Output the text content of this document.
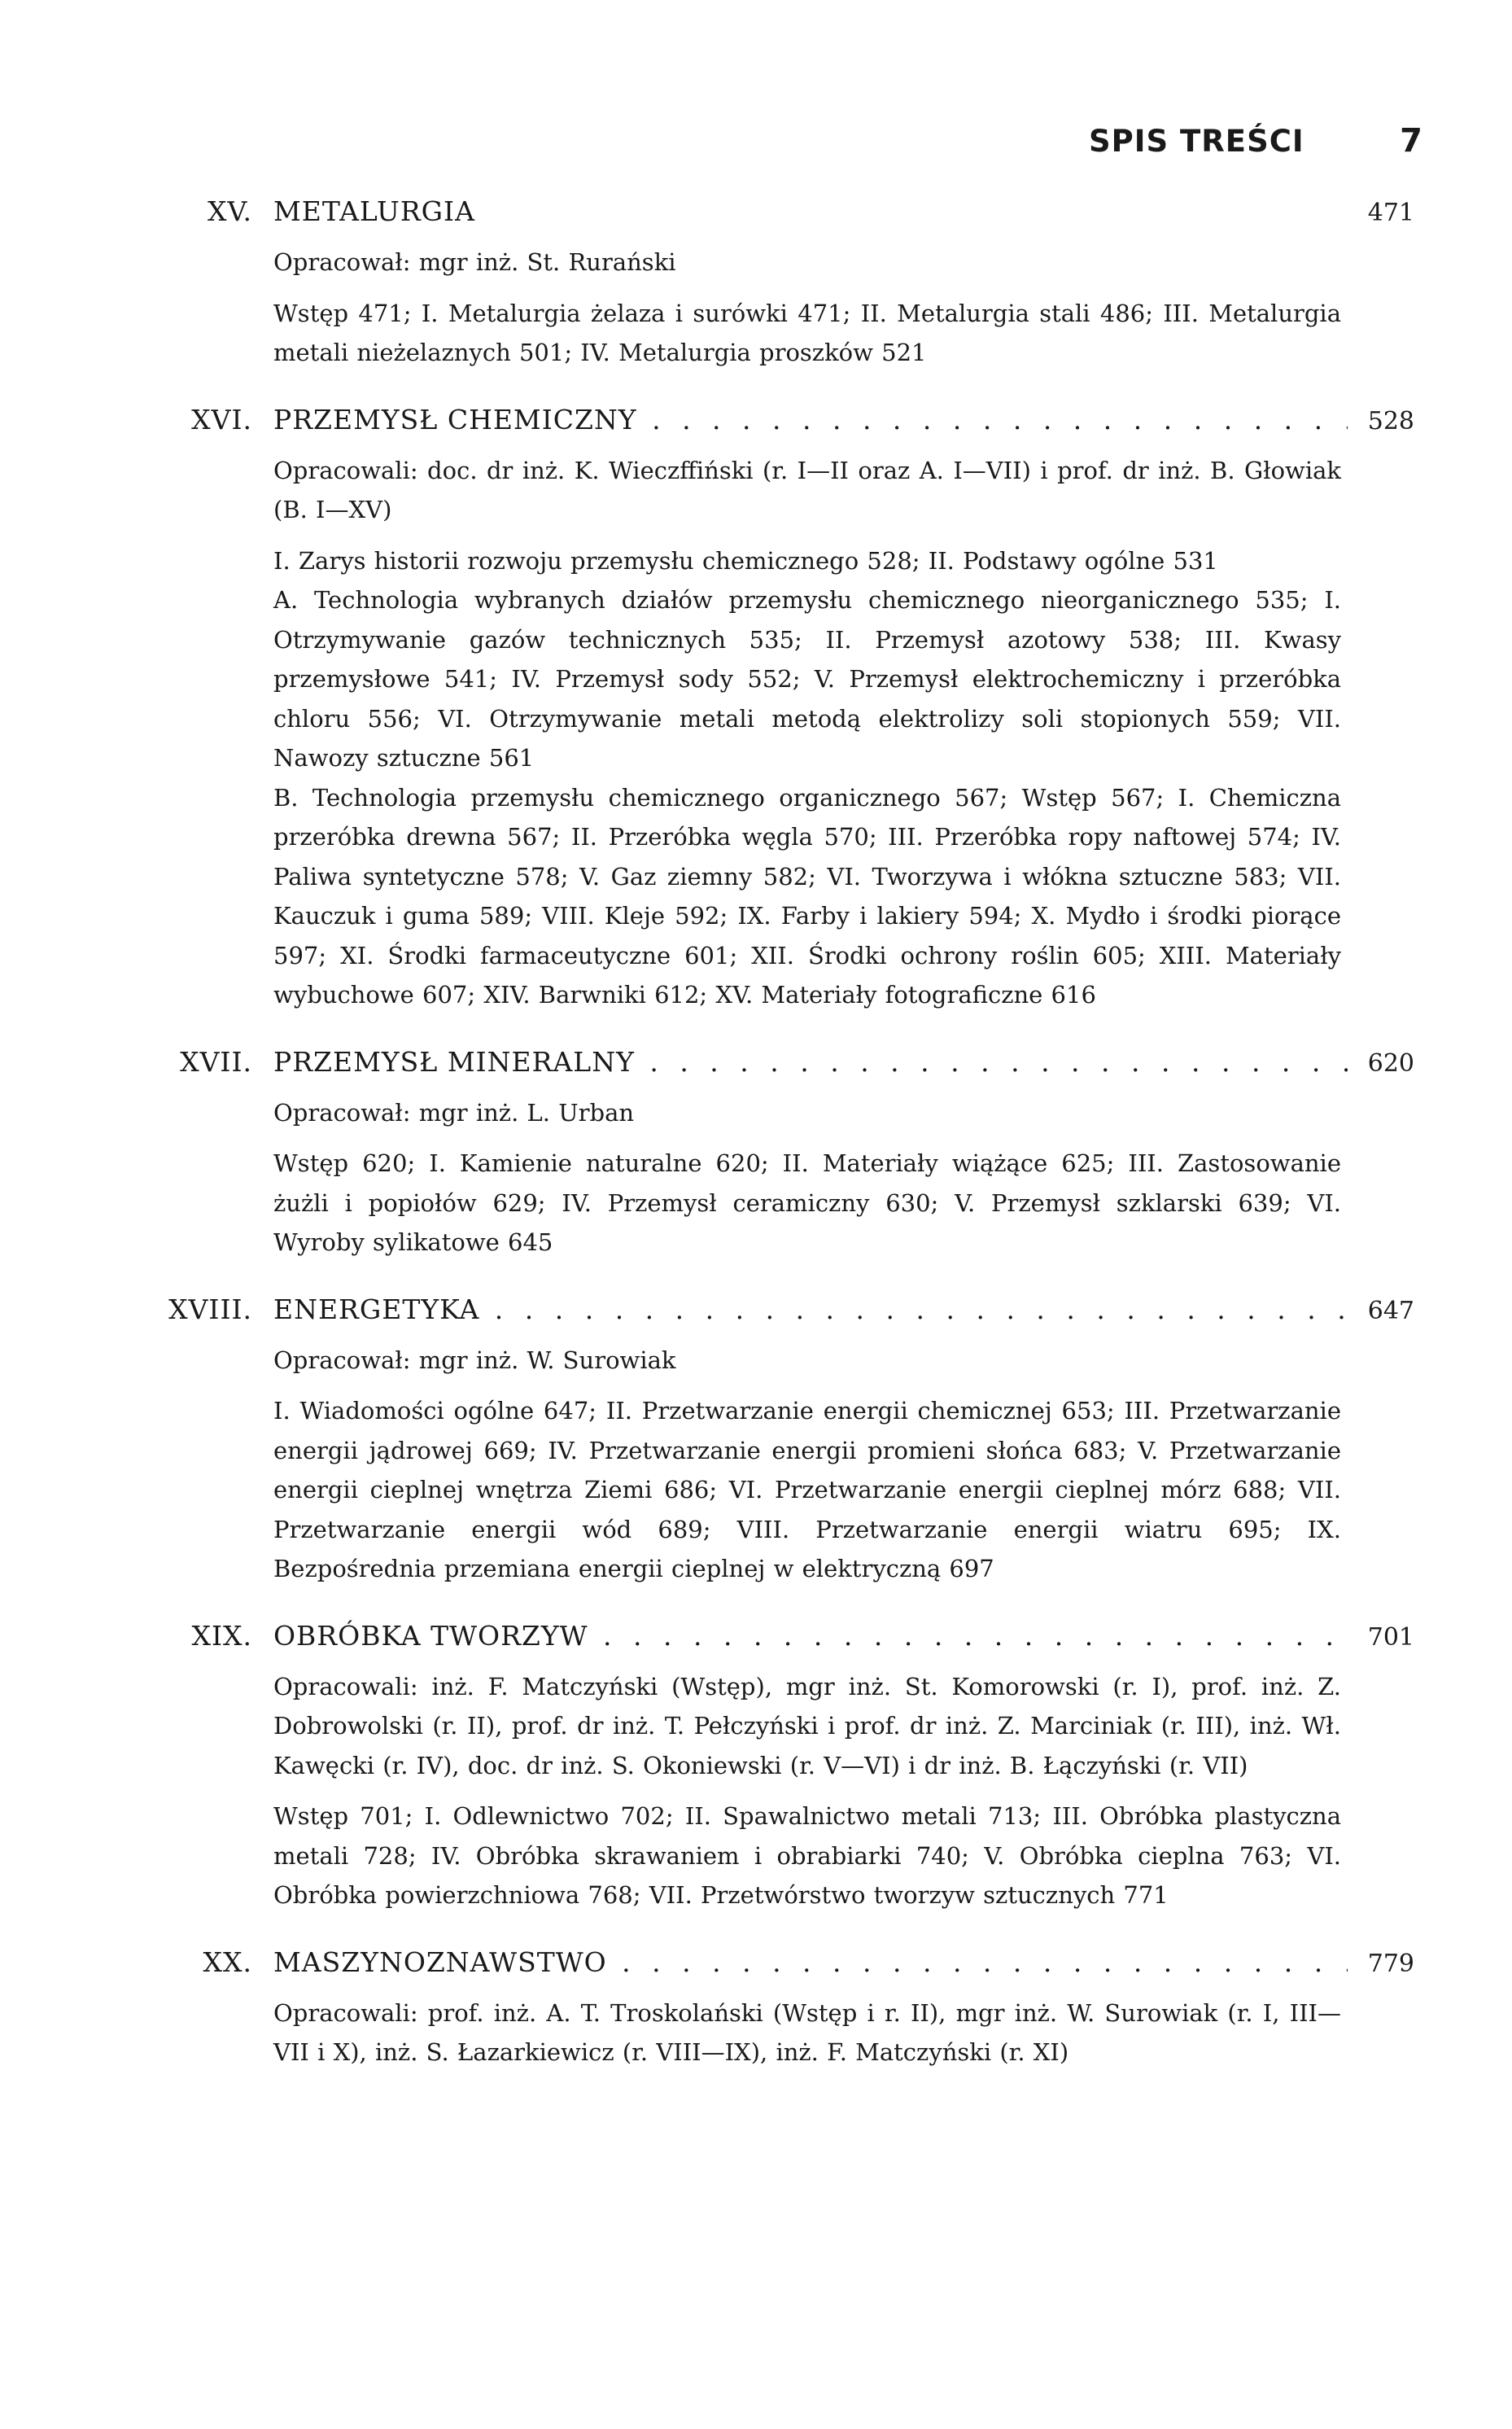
SPIS TREŚCI	7
XV. METALURGIA	471
Opracował: mgr inż. St. Rurański
Wstęp 471; I. Metalurgia żelaza i surówki 471; II. Metalurgia stali 486; III. Metalurgia metali nieżelaznych 501; IV. Metalurgia proszków 521
XVI. PRZEMYSŁ CHEMICZNY . . .	528
Opracowali: doc. dr inż. K. Wieczffiński (r. I—II oraz A. I—VII) i prof. dr inż. B. Głowiak (B. I—XV)
I. Zarys historii rozwoju przemysłu chemicznego 528; II. Podstawy ogólne 531
A. Technologia wybranych działów przemysłu chemicznego nieorganicznego 535; I. Otrzymywanie gazów technicznych 535; II. Przemysł azotowy 538; III. Kwasy przemysłowe 541; IV. Przemysł sody 552; V. Przemysł elektrochemiczny i przeróbka chloru 556; VI. Otrzymywanie metali metodą elektrolizy soli stopionych 559; VII. Nawozy sztuczne 561
B. Technologia przemysłu chemicznego organicznego 567; Wstęp 567; I. Chemiczna przeróbka drewna 567; II. Przeróbka węgla 570; III. Przeróbka ropy naftowej 574; IV. Paliwa syntetyczne 578; V. Gaz ziemny 582; VI. Tworzywa i włókna sztuczne 583; VII. Kauczuk i guma 589; VIII. Kleje 592; IX. Farby i lakiery 594; X. Mydło i środki piorące 597; XI. Środki farmaceutyczne 601; XII. Środki ochrony roślin 605; XIII. Materiały wybuchowe 607; XIV. Barwniki 612; XV. Materiały fotograficzne 616
XVII. PRZEMYSŁ MINERALNY . . .	620
Opracował: mgr inż. L. Urban
Wstęp 620; I. Kamienie naturalne 620; II. Materiały wiążące 625; III. Zastosowanie żużli i popiołów 629; IV. Przemysł ceramiczny 630; V. Przemysł szklarski 639; VI. Wyroby sylikatowe 645
XVIII. ENERGETYKA . . .	647
Opracował: mgr inż. W. Surowiak
I. Wiadomości ogólne 647; II. Przetwarzanie energii chemicznej 653; III. Przetwarzanie energii jądrowej 669; IV. Przetwarzanie energii promieni słońca 683; V. Przetwarzanie energii cieplnej wnętrza Ziemi 686; VI. Przetwarzanie energii cieplnej mórz 688; VII. Przetwarzanie energii wód 689; VIII. Przetwarzanie energii wiatru 695; IX. Bezpośrednia przemiana energii cieplnej w elektryczną 697
XIX. OBRÓBKA TWORZYW . . .	701
Opracowali: inż. F. Matczyński (Wstęp), mgr inż. St. Komorowski (r. I), prof. inż. Z. Dobrowolski (r. II), prof. dr inż. T. Pełczyński i prof. dr inż. Z. Marciniak (r. III), inż. Wł. Kawęcki (r. IV), doc. dr inż. S. Okoniewski (r. V—VI) i dr inż. B. Łączyński (r. VII)
Wstęp 701; I. Odlewnictwo 702; II. Spawalnictwo metali 713; III. Obróbka plastyczna metali 728; IV. Obróbka skrawaniem i obrabiarki 740; V. Obróbka cieplna 763; VI. Obróbka powierzchniowa 768; VII. Przetwórstwo tworzyw sztucznych 771
XX. MASZYNOZNAWSTWO . . .	779
Opracowali: prof. inż. A. T. Troskolański (Wstęp i r. II), mgr inż. W. Surowiak (r. I, III—VII i X), inż. S. Łazarkiewicz (r. VIII—IX), inż. F. Matczyński (r. XI)
